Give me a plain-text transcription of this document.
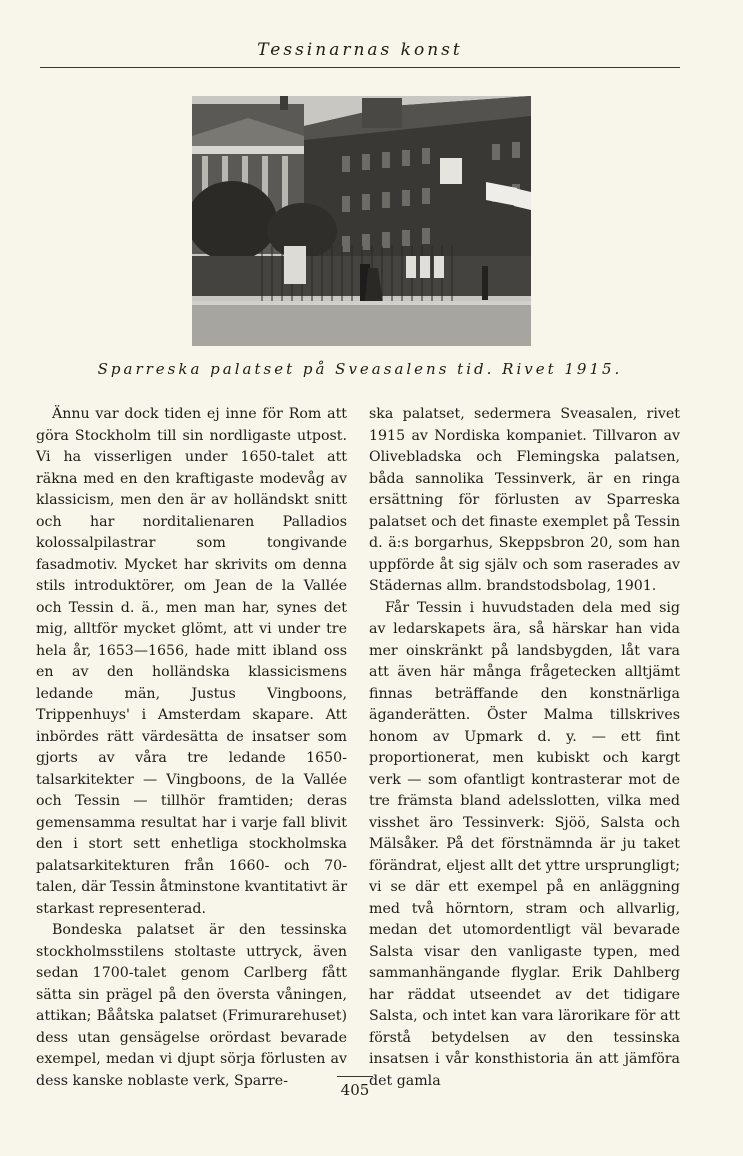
Tessinarnas konst
Sparreska palatset på Sveasalens tid. Rivet 1915.

Ännu var dock tiden ej inne för Rom att göra Stockholm till sin nordligaste utpost. Vi ha visserligen under 1650-talet att räkna med en den kraftigaste modevåg av klassicism, men den är av holländskt snitt och har norditalienaren Palladios kolossalpilastrar som tongivande fasadmotiv. Mycket har skrivits om denna stils introduktörer, om Jean de la Vallée och Tessin d. ä., men man har, synes det mig, alltför mycket glömt, att vi under tre hela år, 1653—1656, hade mitt ibland oss en av den holländska klassicismens ledande män, Justus Vingboons, Trippenhuys' i Amsterdam skapare. Att inbördes rätt värdesätta de insatser som gjorts av våra tre ledande 1650-talsarkitekter — Vingboons, de la Vallée och Tessin — tillhör framtiden; deras gemensamma resultat har i varje fall blivit den i stort sett enhetliga stockholmska palatsarkitekturen från 1660- och 70-talen, där Tessin åtminstone kvantitativt är starkast representerad.

Bondeska palatset är den tessinska stockholmsstilens stoltaste uttryck, även sedan 1700-talet genom Carlberg fått sätta sin prägel på den översta våningen, attikan; Bååtska palatset (Frimurarehuset) dess utan gensägelse orördast bevarade exempel, medan vi djupt sörja förlusten av dess kanske noblaste verk, Sparre-

ska palatset, sedermera Sveasalen, rivet 1915 av Nordiska kompaniet. Tillvaron av Olivebladska och Flemingska palatsen, båda sannolika Tessinverk, är en ringa ersättning för förlusten av Sparreska palatset och det finaste exemplet på Tessin d. ä:s borgarhus, Skeppsbron 20, som han uppförde åt sig själv och som raserades av Städernas allm. brandstodsbolag, 1901.

Får Tessin i huvudstaden dela med sig av ledarskapets ära, så härskar han vida mer oinskränkt på landsbygden, låt vara att även här många frågetecken alltjämt finnas beträffande den konstnärliga äganderätten. Öster Malma tillskrives honom av Upmark d. y. — ett fint proportionerat, men kubiskt och kargt verk — som ofantligt kontrasterar mot de tre främsta bland adelsslotten, vilka med visshet äro Tessinverk: Sjöö, Salsta och Mälsåker. På det förstnämnda är ju taket förändrat, eljest allt det yttre ursprungligt; vi se där ett exempel på en anläggning med två hörntorn, stram och allvarlig, medan det utomordentligt väl bevarade Salsta visar den vanligaste typen, med sammanhängande flyglar. Erik Dahlberg har räddat utseendet av det tidigare Salsta, och intet kan vara lärorikare för att förstå betydelsen av den tessinska insatsen i vår konsthistoria än att jämföra det gamla

405
